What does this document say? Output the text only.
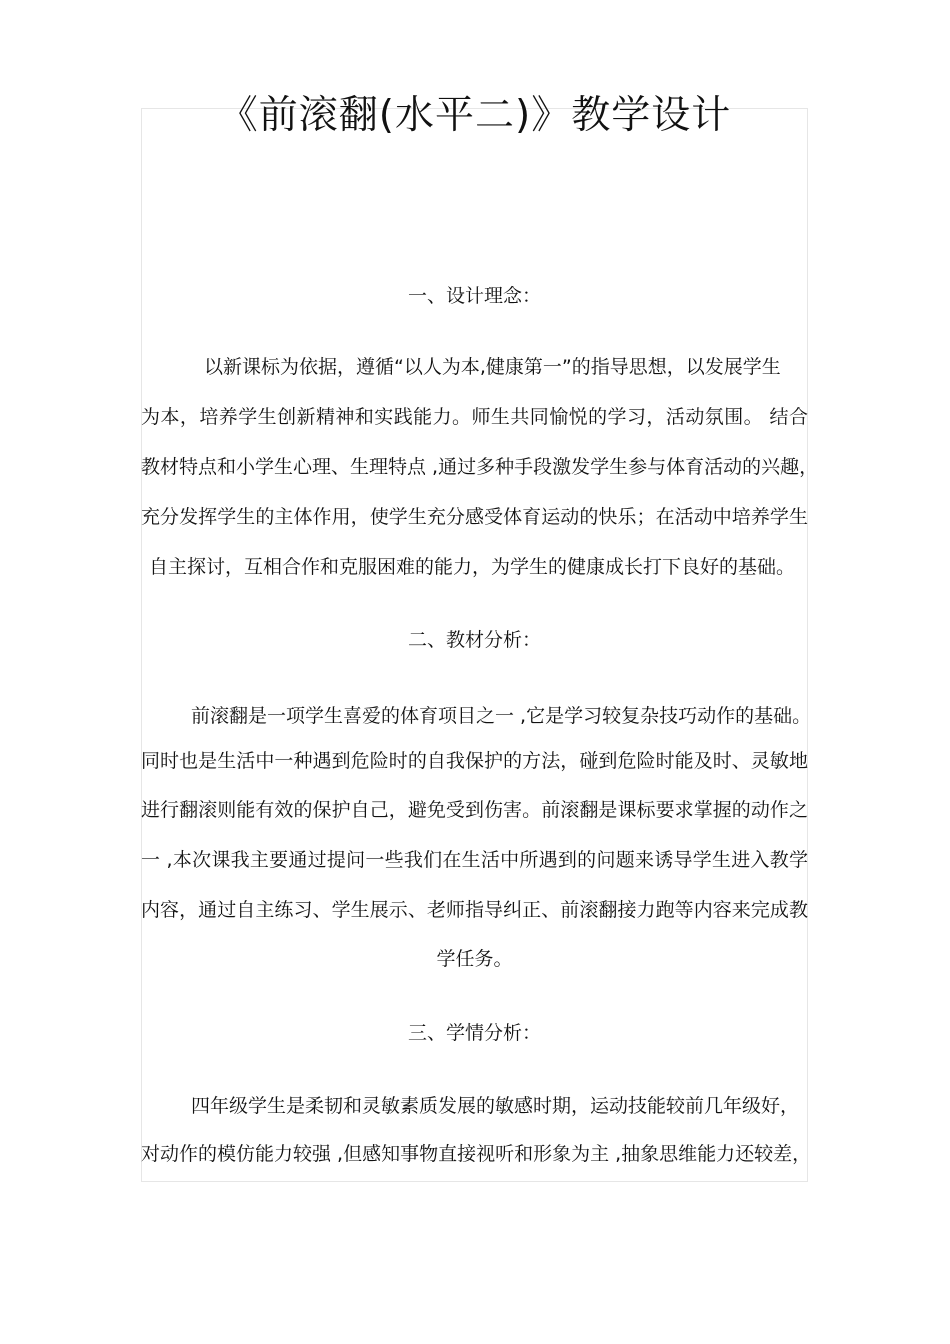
《前滚翻(水平二)》教学设计

一、设计理念：

以新课标为依据，遵循“以人为本,健康第一”的指导思想，以发展学生

为本，培养学生创新精神和实践能力。师生共同愉悦的学习，活动氛围。 结合

教材特点和小学生心理、生理特点 ,通过多种手段激发学生参与体育活动的兴趣，

充分发挥学生的主体作用，使学生充分感受体育运动的快乐；在活动中培养学生

自主探讨，互相合作和克服困难的能力，为学生的健康成长打下良好的基础。

二、教材分析：

前滚翻是一项学生喜爱的体育项目之一 ,它是学习较复杂技巧动作的基础。

同时也是生活中一种遇到危险时的自我保护的方法，碰到危险时能及时、灵敏地

进行翻滚则能有效的保护自己，避免受到伤害。前滚翻是课标要求掌握的动作之

一 ,本次课我主要通过提问一些我们在生活中所遇到的问题来诱导学生进入教学

内容，通过自主练习、学生展示、老师指导纠正、前滚翻接力跑等内容来完成教

学任务。

三、学情分析：

四年级学生是柔韧和灵敏素质发展的敏感时期，运动技能较前几年级好，

对动作的模仿能力较强 ,但感知事物直接视听和形象为主 ,抽象思维能力还较差，
